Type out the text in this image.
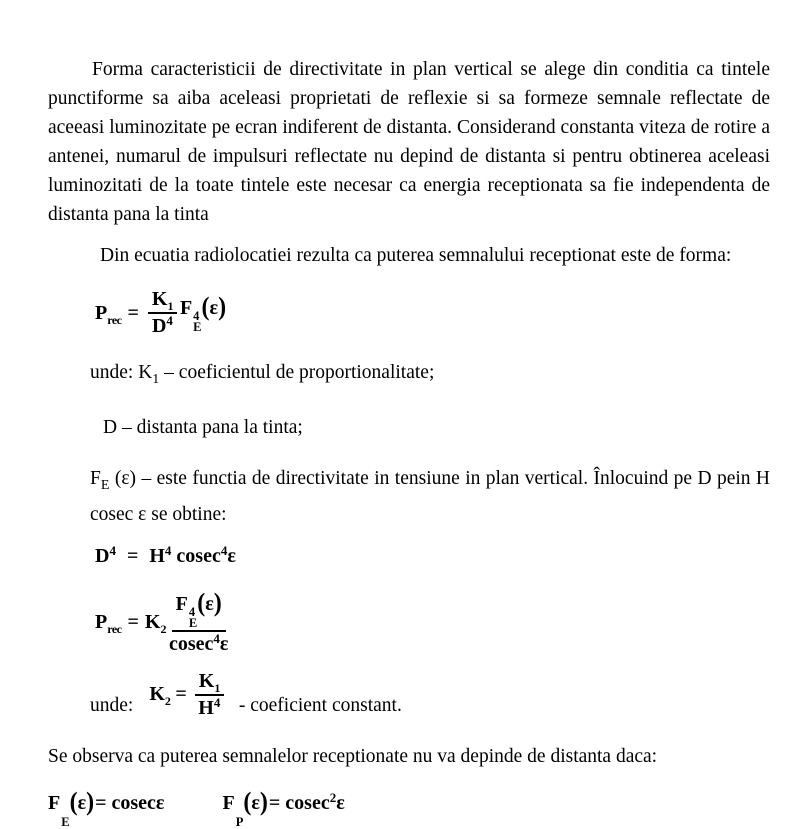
Forma caracteristicii de directivitate in plan vertical se alege din conditia ca tintele punctiforme sa aiba aceleasi proprietati de reflexie si sa formeze semnale reflectate de aceeasi luminozitate pe ecran indiferent de distanta. Considerand constanta viteza de rotire a antenei, numarul de impulsuri reflectate nu depind de distanta si pentru obtinerea aceleasi luminozitati de la toate tintele este necesar ca energia receptionata sa fie independenta de distanta pana la tinta

Din ecuatia radiolocatiei rezulta ca puterea semnalului receptionat este de forma:

$P_{rec} = \frac{K_1}{D^4}$ F 4
E
(ε)

unde: $K_1$ – coeficientul de proportionalitate;

D – distanta pana la tinta;

$F_E$ (ε) – este functia de directivitate in tensiune in plan vertical. Înlocuind pe D pein H cosec ε se obtine:

$D^4 = H^4$ cosec$^4$ε
$P_{rec} = K_2$ F 4
E
(ε)
cosec$^4$ε
unde: $K_2 = \frac{K_1}{H^4}$ - coeficient constant.

Se observa ca puterea semnalelor receptionate nu va depinde de distanta daca:

F

E
(ε)= cosecε	F

P
(ε)= cosec$^2$ε
